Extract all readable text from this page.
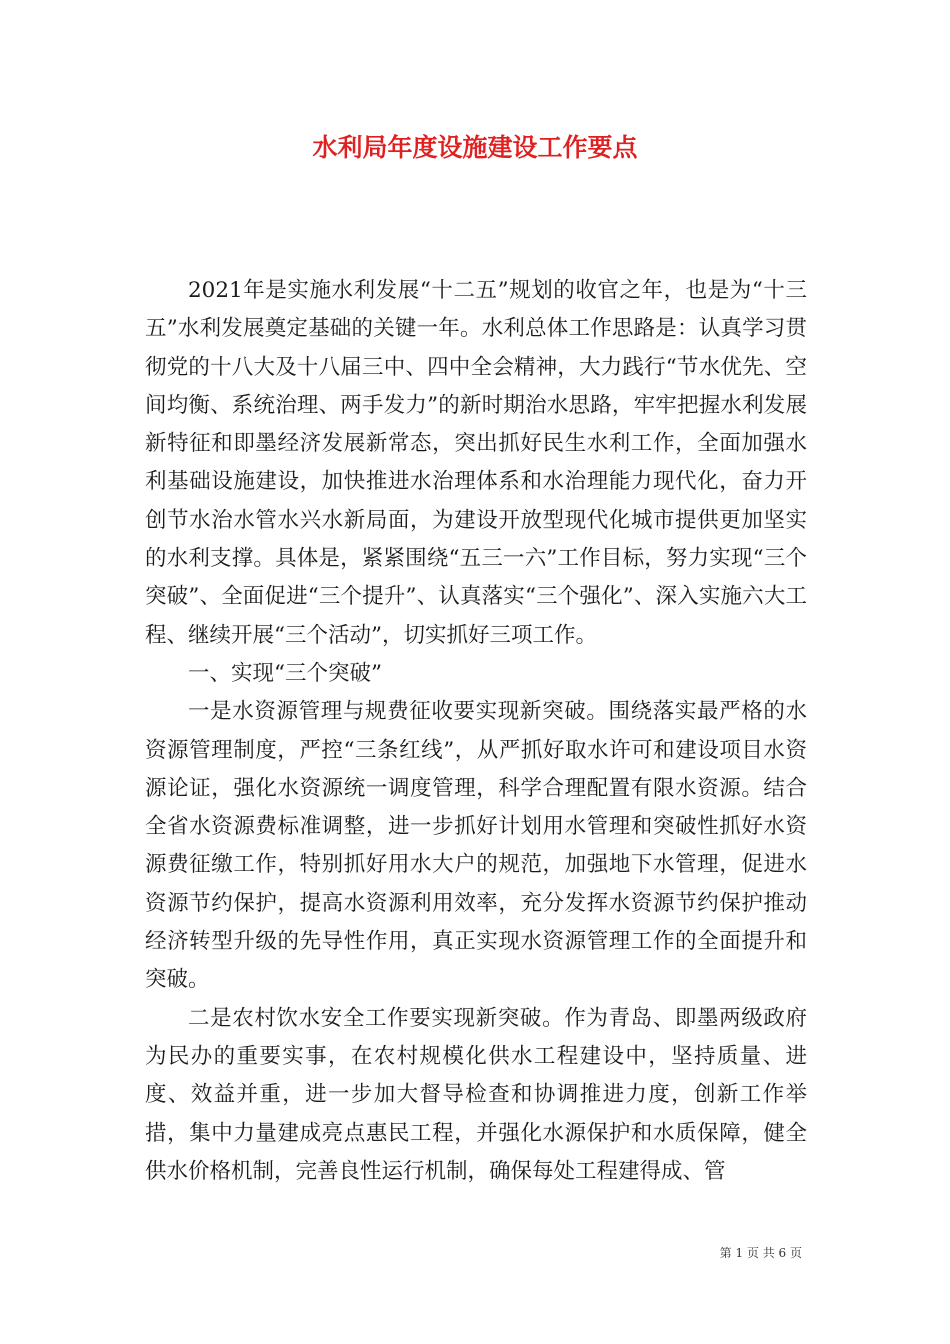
水利局年度设施建设工作要点

2021年是实施水利发展“十二五”规划的收官之年，也是为“十三五”水利发展奠定基础的关键一年。水利总体工作思路是：认真学习贯彻党的十八大及十八届三中、四中全会精神，大力践行“节水优先、空间均衡、系统治理、两手发力”的新时期治水思路，牢牢把握水利发展新特征和即墨经济发展新常态，突出抓好民生水利工作，全面加强水利基础设施建设，加快推进水治理体系和水治理能力现代化，奋力开创节水治水管水兴水新局面，为建设开放型现代化城市提供更加坚实的水利支撑。具体是，紧紧围绕“五三一六”工作目标，努力实现“三个突破”、全面促进“三个提升”、认真落实“三个强化”、深入实施六大工程、继续开展“三个活动”，切实抓好三项工作。

一、实现“三个突破”

一是水资源管理与规费征收要实现新突破。围绕落实最严格的水资源管理制度，严控“三条红线”，从严抓好取水许可和建设项目水资源论证，强化水资源统一调度管理，科学合理配置有限水资源。结合全省水资源费标准调整，进一步抓好计划用水管理和突破性抓好水资源费征缴工作，特别抓好用水大户的规范，加强地下水管理，促进水资源节约保护，提高水资源利用效率，充分发挥水资源节约保护推动经济转型升级的先导性作用，真正实现水资源管理工作的全面提升和突破。

二是农村饮水安全工作要实现新突破。作为青岛、即墨两级政府为民办的重要实事，在农村规模化供水工程建设中，坚持质量、进度、效益并重，进一步加大督导检查和协调推进力度，创新工作举措，集中力量建成亮点惠民工程，并强化水源保护和水质保障，健全供水价格机制，完善良性运行机制，确保每处工程建得成、管

第 1 页 共 6 页
